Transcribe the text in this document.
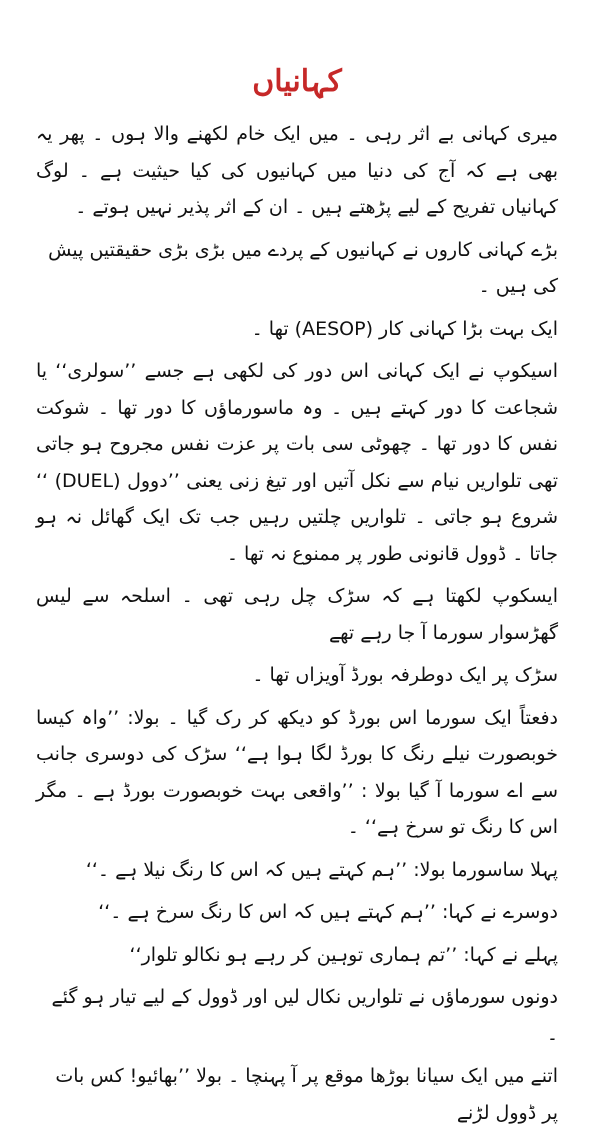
کہانیاں

میری کہانی بے اثر رہی ۔ میں ایک خام لکھنے والا ہوں ۔ پھر یہ بھی ہے کہ آج کی دنیا میں کہانیوں کی کیا حیثیت ہے ۔ لوگ کہانیاں تفریح کے لیے پڑھتے ہیں ۔ ان کے اثر پذیر نہیں ہوتے ۔

بڑے کہانی کاروں نے کہانیوں کے پردے میں بڑی بڑی حقیقتیں پیش کی ہیں ۔

ایک بہت بڑا کہانی کار (AESOP) تھا ۔

اسیکوپ نے ایک کہانی اس دور کی لکھی ہے جسے ’’سولری‘‘ یا شجاعت کا دور کہتے ہیں ۔ وہ ماسورماؤں کا دور تھا ۔ شوکت نفس کا دور تھا ۔ چھوٹی سی بات پر عزت نفس مجروح ہو جاتی تھی تلواریں نیام سے نکل آتیں اور تیغ زنی یعنی ’’دوول (DUEL) ‘‘ شروع ہو جاتی ۔ تلواریں چلتیں رہیں جب تک ایک گھائل نہ ہو جاتا ۔ ڈوول قانونی طور پر ممنوع نہ تھا ۔

ایسکوپ لکھتا ہے کہ سڑک چل رہی تھی ۔ اسلحہ سے لیس گھڑسوار سورما آ جا رہے تھے

سڑک پر ایک دوطرفہ بورڈ آویزاں تھا ۔

دفعتاً ایک سورما اس بورڈ کو دیکھ کر رک گیا ۔ بولا: ’’واہ کیسا خوبصورت نیلے رنگ کا بورڈ لگا ہوا ہے‘‘ سڑک کی دوسری جانب سے اے سورما آ گیا بولا : ’’واقعی بہت خوبصورت بورڈ ہے ۔ مگر اس کا رنگ تو سرخ ہے‘‘ ۔

پہلا ساسورما بولا: ’’ہم کہتے ہیں کہ اس کا رنگ نیلا ہے ۔‘‘

دوسرے نے کہا: ’’ہم کہتے ہیں کہ اس کا رنگ سرخ ہے ۔‘‘

پہلے نے کہا: ’’تم ہماری توہین کر رہے ہو نکالو تلوار‘‘

دونوں سورماؤں نے تلواریں نکال لیں اور ڈوول کے لیے تیار ہو گئے ۔

اتنے میں ایک سیانا بوڑھا موقع پر آ پہنچا ۔ بولا ’’بھائیو! کس بات پر ڈوول لڑنے
